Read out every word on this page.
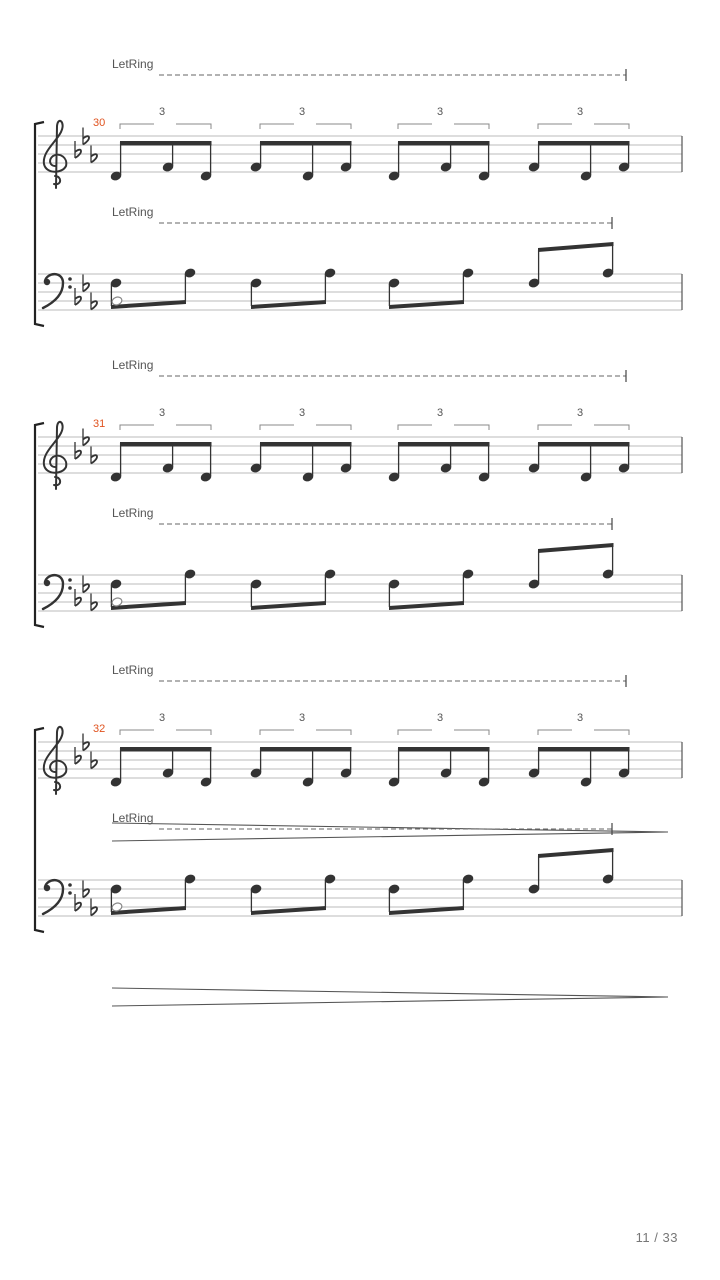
LetRing
30
3	3	3	3
LetRing
LetRing
31
3	3	3	3
LetRing
LetRing
32
3	3	3	3
LetRing
11 / 33
